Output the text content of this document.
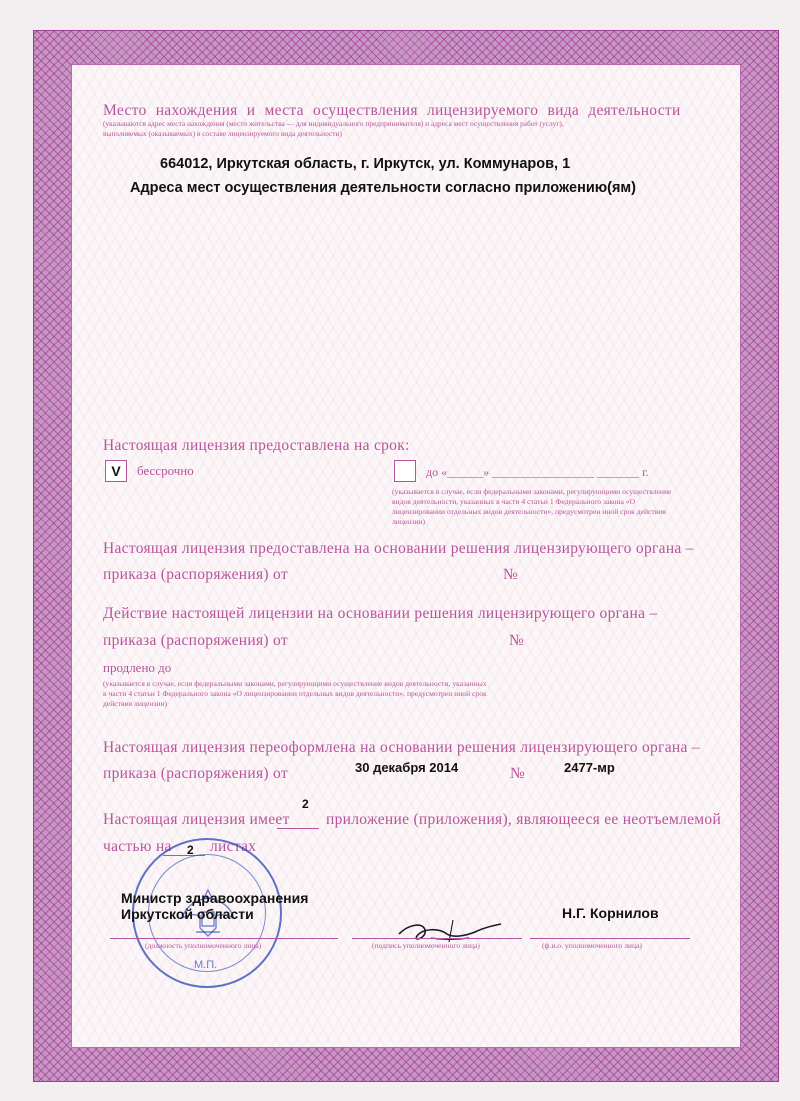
Место нахождения и места осуществления лицензируемого вида деятельности
(указываются адрес места нахождения (место жительства — для индивидуального предпринимателя) и адреса мест осуществления работ (услуг),
выполняемых (оказываемых) в составе лицензируемого вида деятельности)
664012, Иркутская область, г. Иркутск, ул. Коммунаров, 1
Адреса мест осуществления деятельности согласно приложению(ям)
Настоящая лицензия предоставлена на срок:
V	бессрочно	до «______» _________________ _______ г.
(указывается в случае, если федеральными законами, регулирующими осуществление видов деятельности, указанных в части 4 статьи 1 Федерального закона «О лицензировании отдельных видов деятельности», предусмотрен иной срок действия лицензии)
Настоящая лицензия предоставлена на основании решения лицензирующего органа –
приказа (распоряжения) от	№
Действие настоящей лицензии на основании решения лицензирующего органа –
приказа (распоряжения) от	№
продлено до
(указывается в случае, если федеральными законами, регулирующими осуществление видов деятельности, указанных в части 4 статьи 1 Федерального закона «О лицензировании отдельных видов деятельности», предусмотрен иной срок действия лицензии)
Настоящая лицензия переоформлена на основании решения лицензирующего органа –
приказа (распоряжения) от	30 декабря 2014	№	2477-мр
2
Настоящая лицензия имеет приложение (приложения), являющееся ее неотъемлемой
частью на 2 листах
М.П.
Министр здравоохранения
Иркутской области
(должность уполномоченного лица)	(подпись уполномоченного лица)
Н.Г. Корнилов
(ф.и.о. уполномоченного лица)
